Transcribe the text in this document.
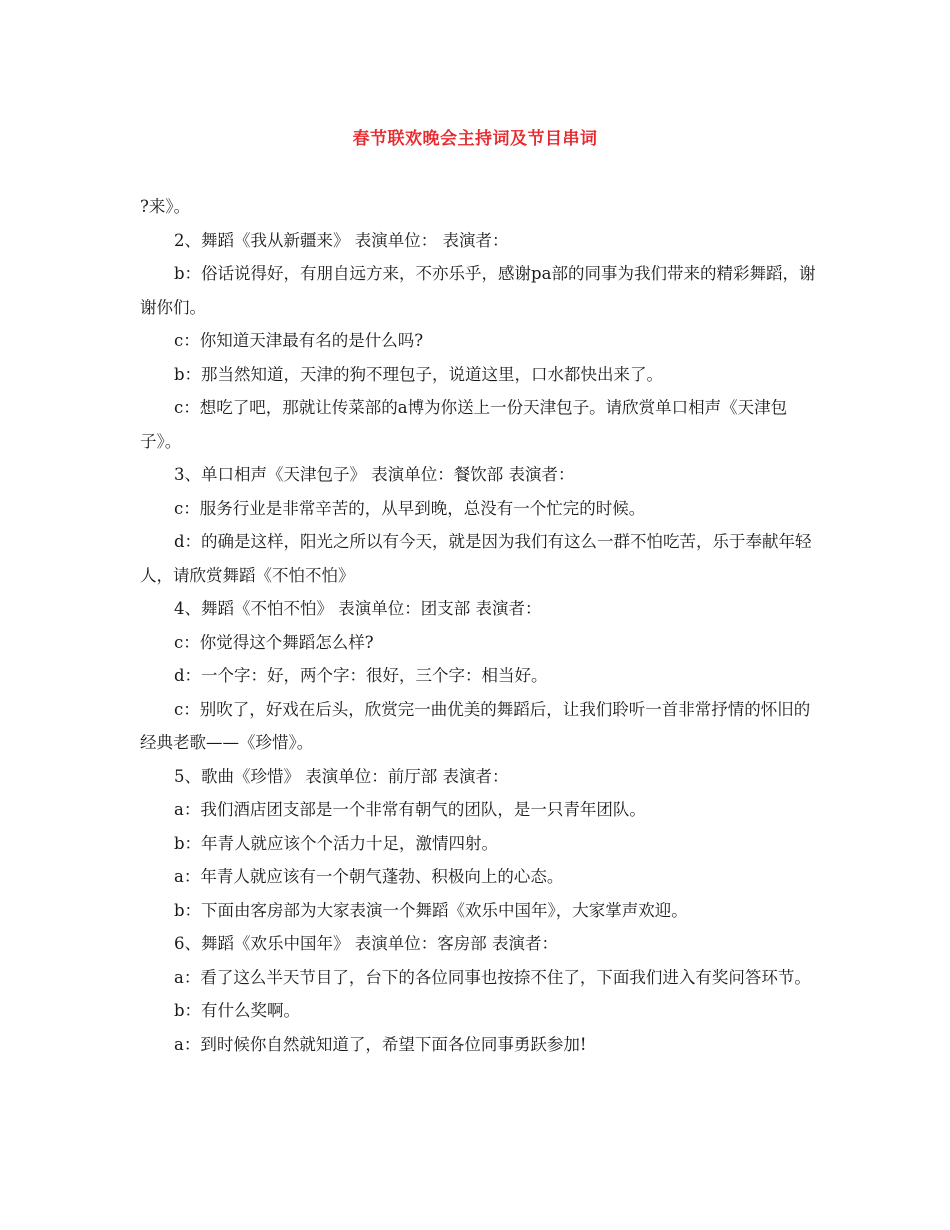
春节联欢晚会主持词及节目串词

?来》。

2、舞蹈《我从新疆来》 表演单位： 表演者：

b：俗话说得好，有朋自远方来，不亦乐乎，感谢pa部的同事为我们带来的精彩舞蹈，谢谢你们。

c：你知道天津最有名的是什么吗?

b：那当然知道，天津的狗不理包子，说道这里，口水都快出来了。

c：想吃了吧，那就让传菜部的a博为你送上一份天津包子。请欣赏单口相声《天津包子》。

3、单口相声《天津包子》 表演单位：餐饮部 表演者：

c：服务行业是非常辛苦的，从早到晚，总没有一个忙完的时候。

d：的确是这样，阳光之所以有今天，就是因为我们有这么一群不怕吃苦，乐于奉献年轻人，请欣赏舞蹈《不怕不怕》

4、舞蹈《不怕不怕》 表演单位：团支部 表演者：

c：你觉得这个舞蹈怎么样?

d：一个字：好，两个字：很好，三个字：相当好。

c：别吹了，好戏在后头，欣赏完一曲优美的舞蹈后，让我们聆听一首非常抒情的怀旧的经典老歌——《珍惜》。

5、歌曲《珍惜》 表演单位：前厅部 表演者：

a：我们酒店团支部是一个非常有朝气的团队，是一只青年团队。

b：年青人就应该个个活力十足，激情四射。

a：年青人就应该有一个朝气蓬勃、积极向上的心态。

b：下面由客房部为大家表演一个舞蹈《欢乐中国年》，大家掌声欢迎。

6、舞蹈《欢乐中国年》 表演单位：客房部 表演者：

a：看了这么半天节目了，台下的各位同事也按捺不住了，下面我们进入有奖问答环节。

b：有什么奖啊。

a：到时候你自然就知道了，希望下面各位同事勇跃参加!
